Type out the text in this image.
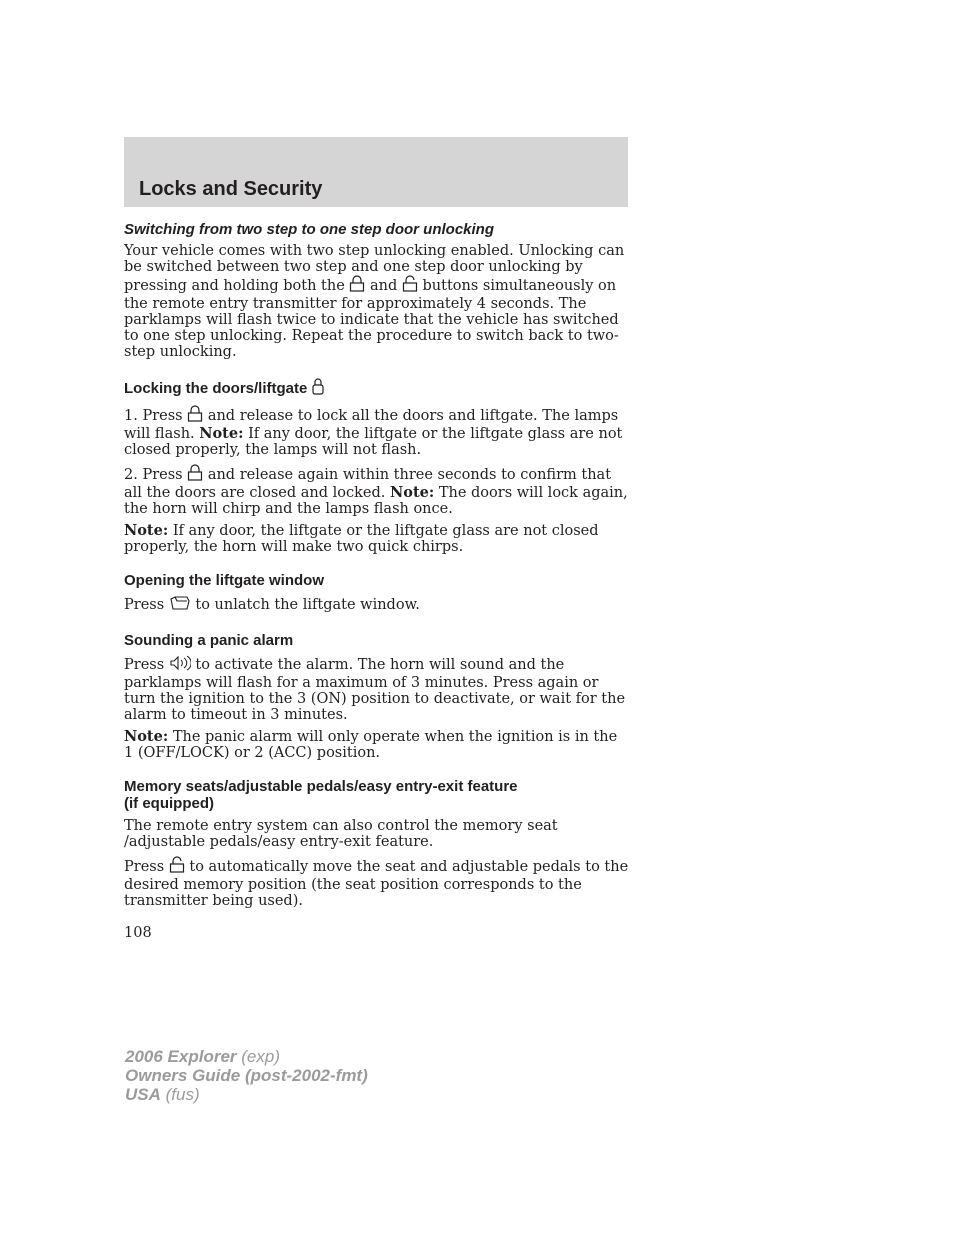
Locks and Security
Switching from two step to one step door unlocking

Your vehicle comes with two step unlocking enabled. Unlocking can be switched between two step and one step door unlocking by pressing and holding both the and buttons simultaneously on the remote entry transmitter for approximately 4 seconds. The parklamps will flash twice to indicate that the vehicle has switched to one step unlocking. Repeat the procedure to switch back to two-step unlocking.

Locking the doors/liftgate

1. Press and release to lock all the doors and liftgate. The lamps will flash. Note: If any door, the liftgate or the liftgate glass are not closed properly, the lamps will not flash.

2. Press and release again within three seconds to confirm that all the doors are closed and locked. Note: The doors will lock again, the horn will chirp and the lamps flash once.

Note: If any door, the liftgate or the liftgate glass are not closed properly, the horn will make two quick chirps.

Opening the liftgate window

Press to unlatch the liftgate window.

Sounding a panic alarm

Press to activate the alarm. The horn will sound and the parklamps will flash for a maximum of 3 minutes. Press again or turn the ignition to the 3 (ON) position to deactivate, or wait for the alarm to timeout in 3 minutes.

Note: The panic alarm will only operate when the ignition is in the 1 (OFF/LOCK) or 2 (ACC) position.

Memory seats/adjustable pedals/easy entry-exit feature
(if equipped)

The remote entry system can also control the memory seat /adjustable pedals/easy entry-exit feature.

Press to automatically move the seat and adjustable pedals to the desired memory position (the seat position corresponds to the transmitter being used).

108

2006 Explorer (exp)
Owners Guide (post-2002-fmt)
USA (fus)
